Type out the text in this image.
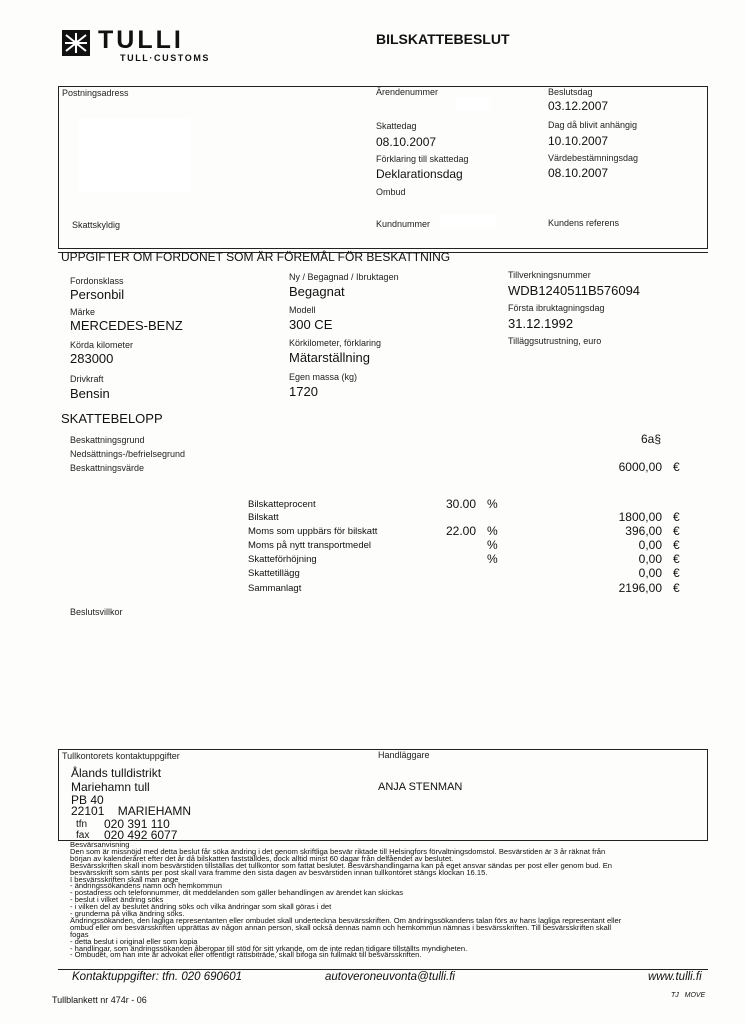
TULLI
TULL·CUSTOMS
BILSKATTEBESLUT
Postningsadress	Ärendenummer	Beslutsdag
03.12.2007
Skattedag
08.10.2007
Dag då blivit anhängig
10.10.2007
Förklaring till skattedag
Deklarationsdag
Värdebestämningsdag
08.10.2007
Ombud
Skattskyldig	Kundnummer	Kundens referens
UPPGIFTER OM FORDONET SOM ÄR FÖREMÅL FÖR BESKATTNING
Fordonsklass
Personbil
Ny / Begagnad / Ibruktagen
Begagnat
Tillverkningsnummer
WDB1240511B576094
Märke
MERCEDES-BENZ
Modell
300 CE
Första ibruktagningsdag
31.12.1992
Körda kilometer
283000
Körkilometer, förklaring
Mätarställning
Tilläggsutrustning, euro
Drivkraft
Bensin
Egen massa (kg)
1720
SKATTEBELOPP
Beskattningsgrund	6a§
Nedsättnings-/befrielsegrund
Beskattningsvärde	6000,00 €
Bilskatteprocent	30.00 %
Bilskatt	1800,00 €
Moms som uppbärs för bilskatt	22.00 %	396,00 €
Moms på nytt transportmedel	%	0,00 €
Skatteförhöjning	%	0,00 €
Skattetillägg	0,00 €
Sammanlagt	2196,00 €
Beslutsvillkor
Tullkontorets kontaktuppgifter
Ålands tulldistrikt
Mariehamn tull
PB 40
22101    MARIEHAMN
tfn 020 391 110
fax 020 492 6077
Handläggare
ANJA STENMAN
Besvärsanvisning
Den som är missnöjd med detta beslut får söka ändring i det genom skriftliga besvär riktade till Helsingfors förvaltningsdomstol. Besvärstiden är 3 år räknat från
början av kalenderåret efter det år då bilskatten fastställdes, dock alltid minst 60 dagar från delfåendet av beslutet.
Besvärsskriften skall inom besvärstiden tillställas det tullkontor som fattat beslutet. Besvärshandlingarna kan på eget ansvar sändas per post eller genom bud. En
besvärsskrift som sänts per post skall vara framme den sista dagen av besvärstiden innan tullkontoret stängs klockan 16.15.
I besvärsskriften skall man ange
- ändringssökandens namn och hemkommun
- postadress och telefonnummer, dit meddelanden som gäller behandlingen av ärendet kan skickas
- beslut i vilket ändring söks
- i vilken del av beslutet ändring söks och vilka ändringar som skall göras i det
- grunderna på vilka ändring söks.
Ändringssökanden, den lagliga representanten eller ombudet skall underteckna besvärsskriften. Om ändringssökandens talan förs av hans lagliga representant eller
ombud eller om besvärsskriften upprättas av någon annan person, skall också dennas namn och hemkommun nämnas i besvärsskriften. Till besvärsskriften skall
fogas
- detta beslut i original eller som kopia
- handlingar, som ändringssökanden åberopar till stöd för sitt yrkande, om de inte redan tidigare tillställts myndigheten.
- Ombudet, om han inte är advokat eller offentligt rättsbiträde, skall bifoga sin fullmakt till besvärsskriften.
Kontaktuppgifter: tfn. 020 690601	autoveroneuvonta@tulli.fi	www.tulli.fi
Tullblankett nr 474r - 06	TJ   MOVE
